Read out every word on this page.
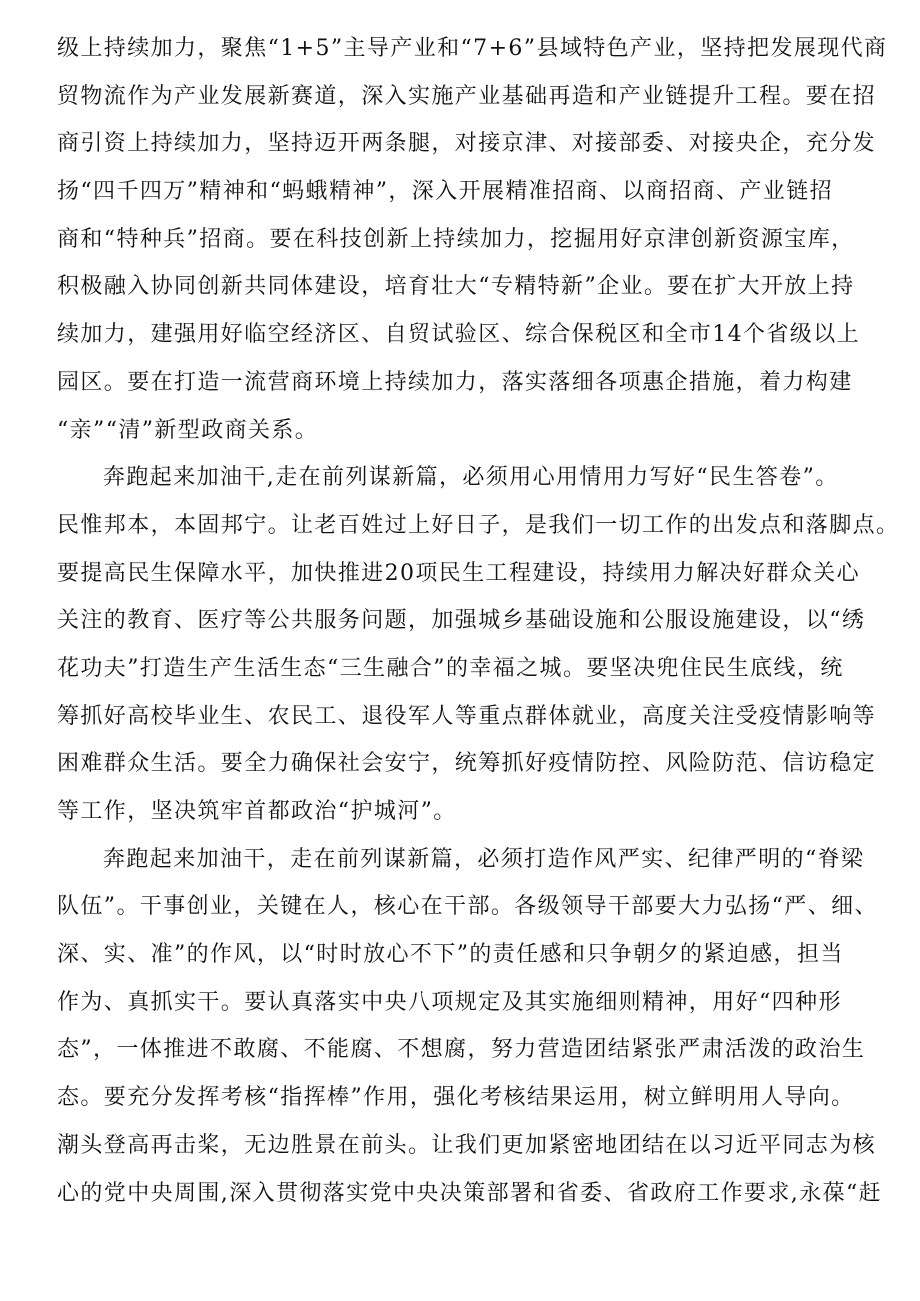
级上持续加力，聚焦“1+5”主导产业和“7+6”县域特色产业，坚持把发展现代商
贸物流作为产业发展新赛道，深入实施产业基础再造和产业链提升工程。要在招
商引资上持续加力，坚持迈开两条腿，对接京津、对接部委、对接央企，充分发
扬“四千四万”精神和“蚂蛾精神”，深入开展精准招商、以商招商、产业链招
商和“特种兵”招商。要在科技创新上持续加力，挖掘用好京津创新资源宝库，
积极融入协同创新共同体建设，培育壮大“专精特新”企业。要在扩大开放上持
续加力，建强用好临空经济区、自贸试验区、综合保税区和全市14个省级以上
园区。要在打造一流营商环境上持续加力，落实落细各项惠企措施，着力构建
“亲”“清”新型政商关系。
奔跑起来加油干,走在前列谋新篇，必须用心用情用力写好“民生答卷”。
民惟邦本，本固邦宁。让老百姓过上好日子，是我们一切工作的出发点和落脚点。
要提高民生保障水平，加快推进20项民生工程建设，持续用力解决好群众关心
关注的教育、医疗等公共服务问题，加强城乡基础设施和公服设施建设，以“绣
花功夫”打造生产生活生态“三生融合”的幸福之城。要坚决兜住民生底线，统
筹抓好高校毕业生、农民工、退役军人等重点群体就业，高度关注受疫情影响等
困难群众生活。要全力确保社会安宁，统筹抓好疫情防控、风险防范、信访稳定
等工作，坚决筑牢首都政治“护城河”。
奔跑起来加油干，走在前列谋新篇，必须打造作风严实、纪律严明的“脊梁
队伍”。干事创业，关键在人，核心在干部。各级领导干部要大力弘扬“严、细、
深、实、准”的作风，以“时时放心不下”的责任感和只争朝夕的紧迫感，担当
作为、真抓实干。要认真落实中央八项规定及其实施细则精神，用好“四种形
态”，一体推进不敢腐、不能腐、不想腐，努力营造团结紧张严肃活泼的政治生
态。要充分发挥考核“指挥棒”作用，强化考核结果运用，树立鲜明用人导向。
潮头登高再击桨，无边胜景在前头。让我们更加紧密地团结在以习近平同志为核
心的党中央周围,深入贯彻落实党中央决策部署和省委、省政府工作要求,永葆“赶
